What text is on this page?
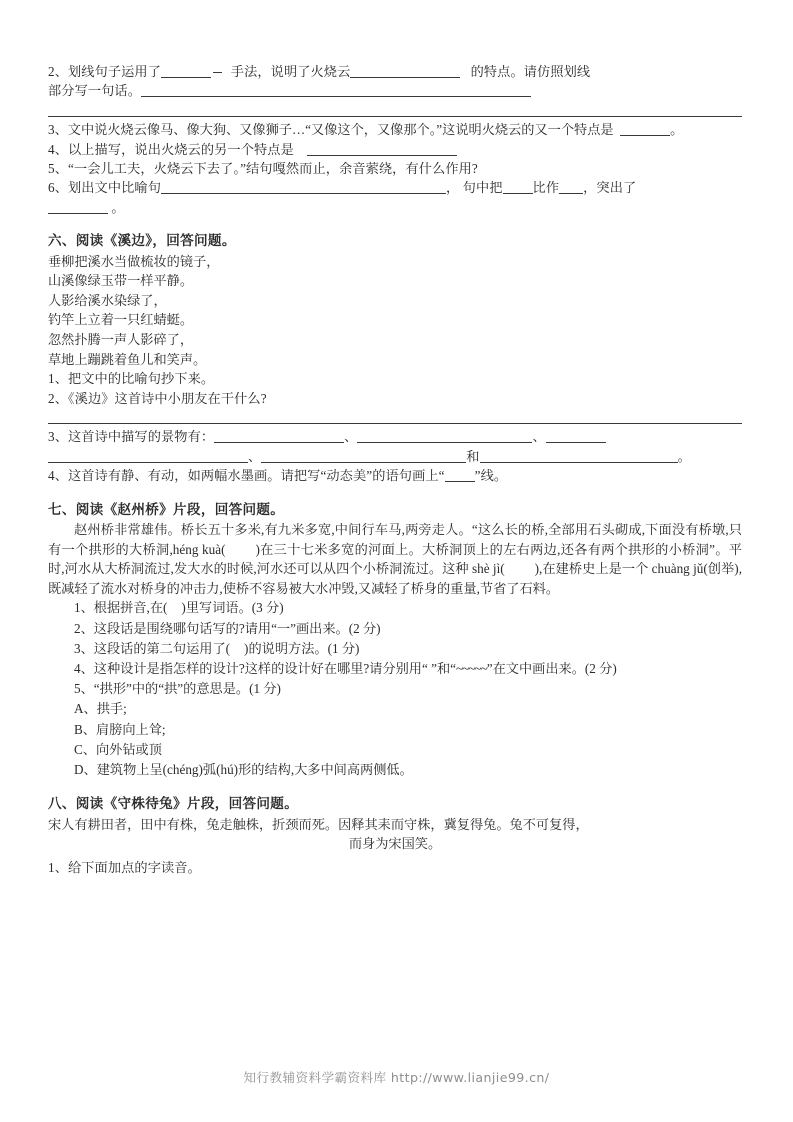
2、划线句子运用了	手法，说明了火烧云	的特点。请仿照划线
部分写一句话。
3、文中说火烧云像马、像大狗、又像狮子…“又像这个，又像那个。”这说明火烧云的又一个特点是	。
4、以上描写，说出火烧云的另一个特点是
5、“一会儿工夫，火烧云下去了。”结句嘎然而止，余音萦绕，有什么作用?
6、划出文中比喻句	， 句中把 比作 ，突出了
。
六、阅读《溪边》，回答问题。
垂柳把溪水当做梳妆的镜子，
山溪像绿玉带一样平静。
人影给溪水染绿了，
钓竿上立着一只红蜻蜓。
忽然扑腾一声人影碎了，
草地上蹦跳着鱼儿和笑声。
1、把文中的比喻句抄下来。
2、《溪边》这首诗中小朋友在干什么?
3、这首诗中描写的景物有：	、	、
、	和	。
4、这首诗有静、有动，如两幅水墨画。请把写“动态美”的语句画上“ ”线。
七、阅读《赵州桥》片段，回答问题。
赵州桥非常雄伟。桥长五十多米,有九米多宽,中间行车马,两旁走人。“这么长的桥,全部用石头砌成,下面没有桥墩,只有一个拱形的大桥洞,héng kuà( )在三十七米多宽的河面上。大桥洞顶上的左右两边,还各有两个拱形的小桥洞”。平时,河水从大桥洞流过,发大水的时候,河水还可以从四个小桥洞流过。这种 shè jì( ),在建桥史上是一个 chuàng jǔ(创举),既减轻了流水对桥身的冲击力,使桥不容易被大水冲毁,又减轻了桥身的重量,节省了石料。
1、根据拼音,在( )里写词语。(3 分)
2、这段话是围绕哪句话写的?请用“一”画出来。(2 分)
3、这段话的第二句运用了( )的说明方法。(1 分)
4、这种设计是指怎样的设计?这样的设计好在哪里?请分别用“ ”和“~~~~~”在文中画出来。(2 分)
5、“拱形”中的“拱”的意思是。(1 分)
A、拱手;
B、肩膀向上耸;
C、向外钻或顶
D、建筑物上呈(chéng)弧(hú)形的结构,大多中间高两侧低。
八、阅读《守株待兔》片段，回答问题。
宋人有耕田者，田中有株，兔走触株，折颈而死。因释其耒而守株，冀复得兔。兔不可复得，
而身为宋国笑。
1、给下面加点的字读音。
知行教辅资料学霸资料库 http://www.lianjie99.cn/
